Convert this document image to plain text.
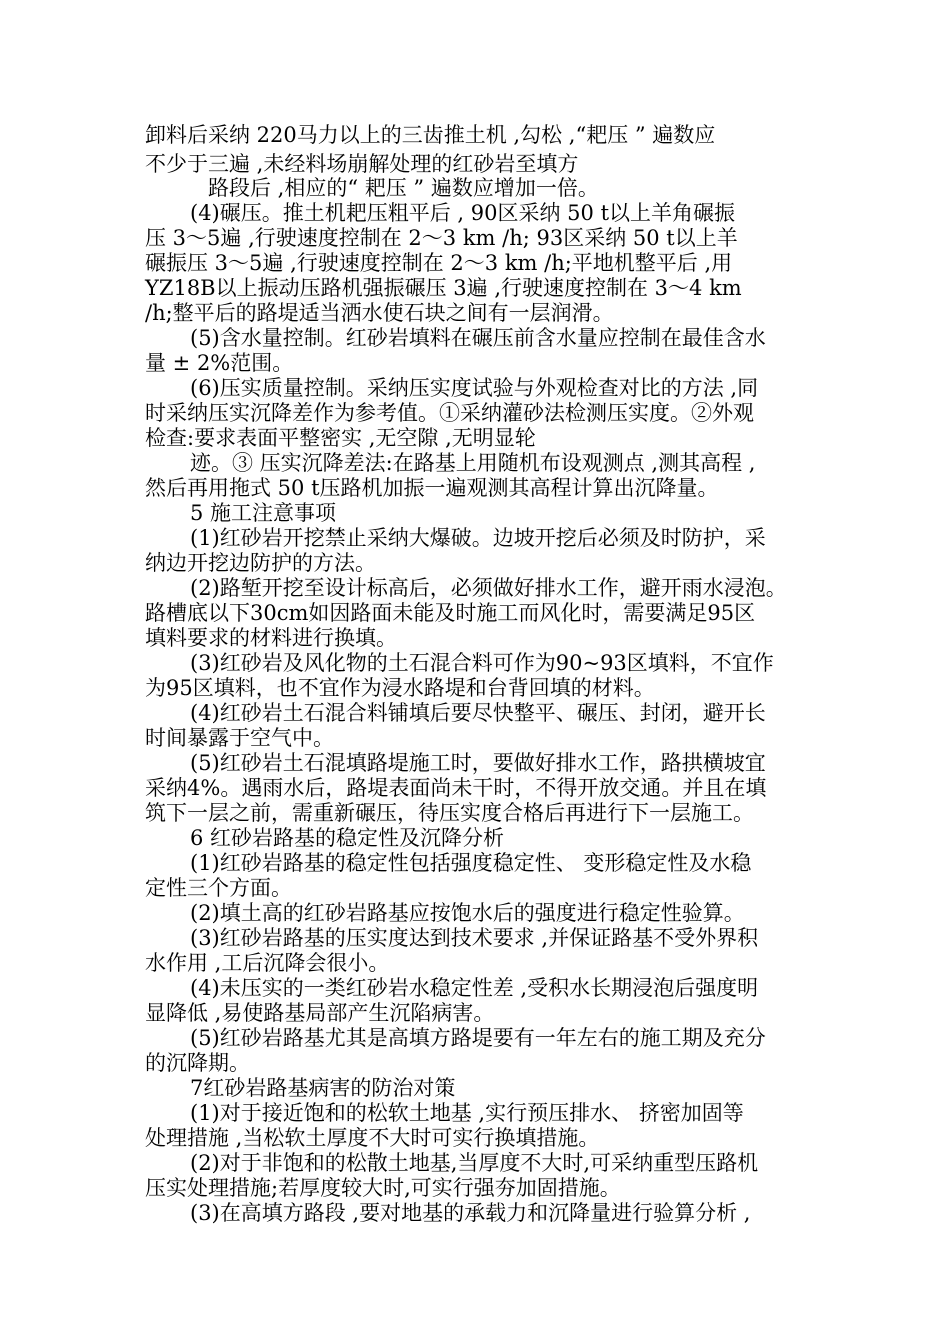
卸料后采纳 220马力以上的三齿推土机 ,勾松 ,“耙压 ” 遍数应
不少于三遍 ,未经料场崩解处理的红砂岩至填方
路段后 ,相应的“ 耙压 ” 遍数应增加一倍。
(4)碾压。推土机耙压粗平后 , 90区采纳 50 t以上羊角碾振
压 3～5遍 ,行驶速度控制在 2～3 km /h; 93区采纳 50 t以上羊
碾振压 3～5遍 ,行驶速度控制在 2～3 km /h;平地机整平后 ,用
YZ18B以上振动压路机强振碾压 3遍 ,行驶速度控制在 3～4 km
/h;整平后的路堤适当洒水使石块之间有一层润滑。
(5)含水量控制。红砂岩填料在碾压前含水量应控制在最佳含水
量 ± 2%范围。
(6)压实质量控制。采纳压实度试验与外观检查对比的方法 ,同
时采纳压实沉降差作为参考值。①采纳灌砂法检测压实度。②外观
检查:要求表面平整密实 ,无空隙 ,无明显轮
迹。③ 压实沉降差法:在路基上用随机布设观测点 ,测其高程 ,
然后再用拖式 50 t压路机加振一遍观测其高程计算出沉降量。
5 施工注意事项
(1)红砂岩开挖禁止采纳大爆破。边坡开挖后必须及时防护，采
纳边开挖边防护的方法。
(2)路堑开挖至设计标高后，必须做好排水工作，避开雨水浸泡。
路槽底以下30cm如因路面未能及时施工而风化时，需要满足95区
填料要求的材料进行换填。
(3)红砂岩及风化物的土石混合料可作为90~93区填料，不宜作
为95区填料，也不宜作为浸水路堤和台背回填的材料。
(4)红砂岩土石混合料铺填后要尽快整平、碾压、封闭，避开长
时间暴露于空气中。
(5)红砂岩土石混填路堤施工时，要做好排水工作，路拱横坡宜
采纳4%。遇雨水后，路堤表面尚未干时，不得开放交通。并且在填
筑下一层之前，需重新碾压，待压实度合格后再进行下一层施工。
6 红砂岩路基的稳定性及沉降分析
(1)红砂岩路基的稳定性包括强度稳定性、 变形稳定性及水稳
定性三个方面。
(2)填土高的红砂岩路基应按饱水后的强度进行稳定性验算。
(3)红砂岩路基的压实度达到技术要求 ,并保证路基不受外界积
水作用 ,工后沉降会很小。
(4)未压实的一类红砂岩水稳定性差 ,受积水长期浸泡后强度明
显降低 ,易使路基局部产生沉陷病害。
(5)红砂岩路基尤其是高填方路堤要有一年左右的施工期及充分
的沉降期。
7红砂岩路基病害的防治对策
(1)对于接近饱和的松软土地基 ,实行预压排水、 挤密加固等
处理措施 ,当松软土厚度不大时可实行换填措施。
(2)对于非饱和的松散土地基,当厚度不大时,可采纳重型压路机
压实处理措施;若厚度较大时,可实行强夯加固措施。
(3)在高填方路段 ,要对地基的承载力和沉降量进行验算分析 ,
